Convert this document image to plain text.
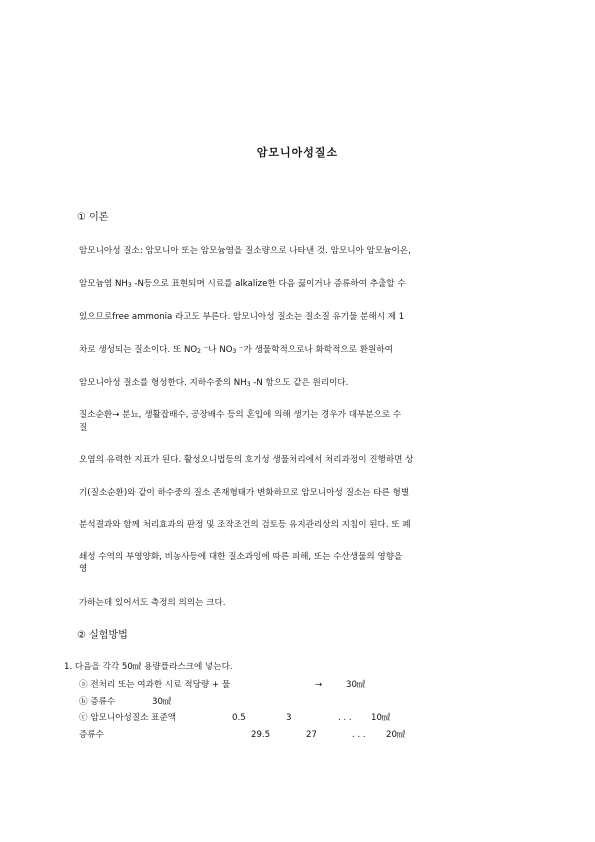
암모니아성질소
① 이론
암모니아성 질소: 암모니아 또는 암모늄염을 질소량으로 나타낸 것. 암모니아 암모늄이온,
암모늄염 $NH_3$ -N등으로 표현되며 시료를 alkalize한 다음 끓이거나 증류하여 추출할 수
있으므로free ammonia 라고도 부른다. 암모니아성 질소는 질소질 유기물 분해시 제 1
차로 생성되는 질소이다. 또 $NO_2$ ⁻나 $NO_3$ ⁻가 생물학적으로나 화학적으로 환원하여
암모니아성 질소를 형성한다. 지하수중의 $NH_3$ -N 함으도 같은 원리이다.
질소순환→ 분뇨, 생활잡배수, 공장배수 등의 혼입에 의해 생기는 경우가 대부분으로 수
질
오염의 유력한 지표가 된다. 활성오니법등의 호기성 생물처리에서 처리과정이 진행하면 상
기(질소순환)와 같이 하수중의 질소 존재형태가 변화하므로 암모니아성 질소는 타른 형별
분석결과와 함께 처리효과의 판정 및 조작조건의 검토등 유지관리상의 지침이 된다. 또 폐
쇄성 수역의 부영양화, 비농사등에 대한 질소과잉에 따른 피해, 또는 수산생물의 영향을
영
가하는데 있어서도 측정의 의의는 크다.
② 실험방법
1. 다음을 각각 50㎖ 용량플라스크에 넣는다.
ⓐ 전처리 또는 여과한 시료 적당량 + 물	→	30㎖
ⓑ 증류수	30㎖
ⓒ 암모니아성질소 표준액	0.5	3	. . . 10㎖
증류수	29.5	27	. . . 20㎖
